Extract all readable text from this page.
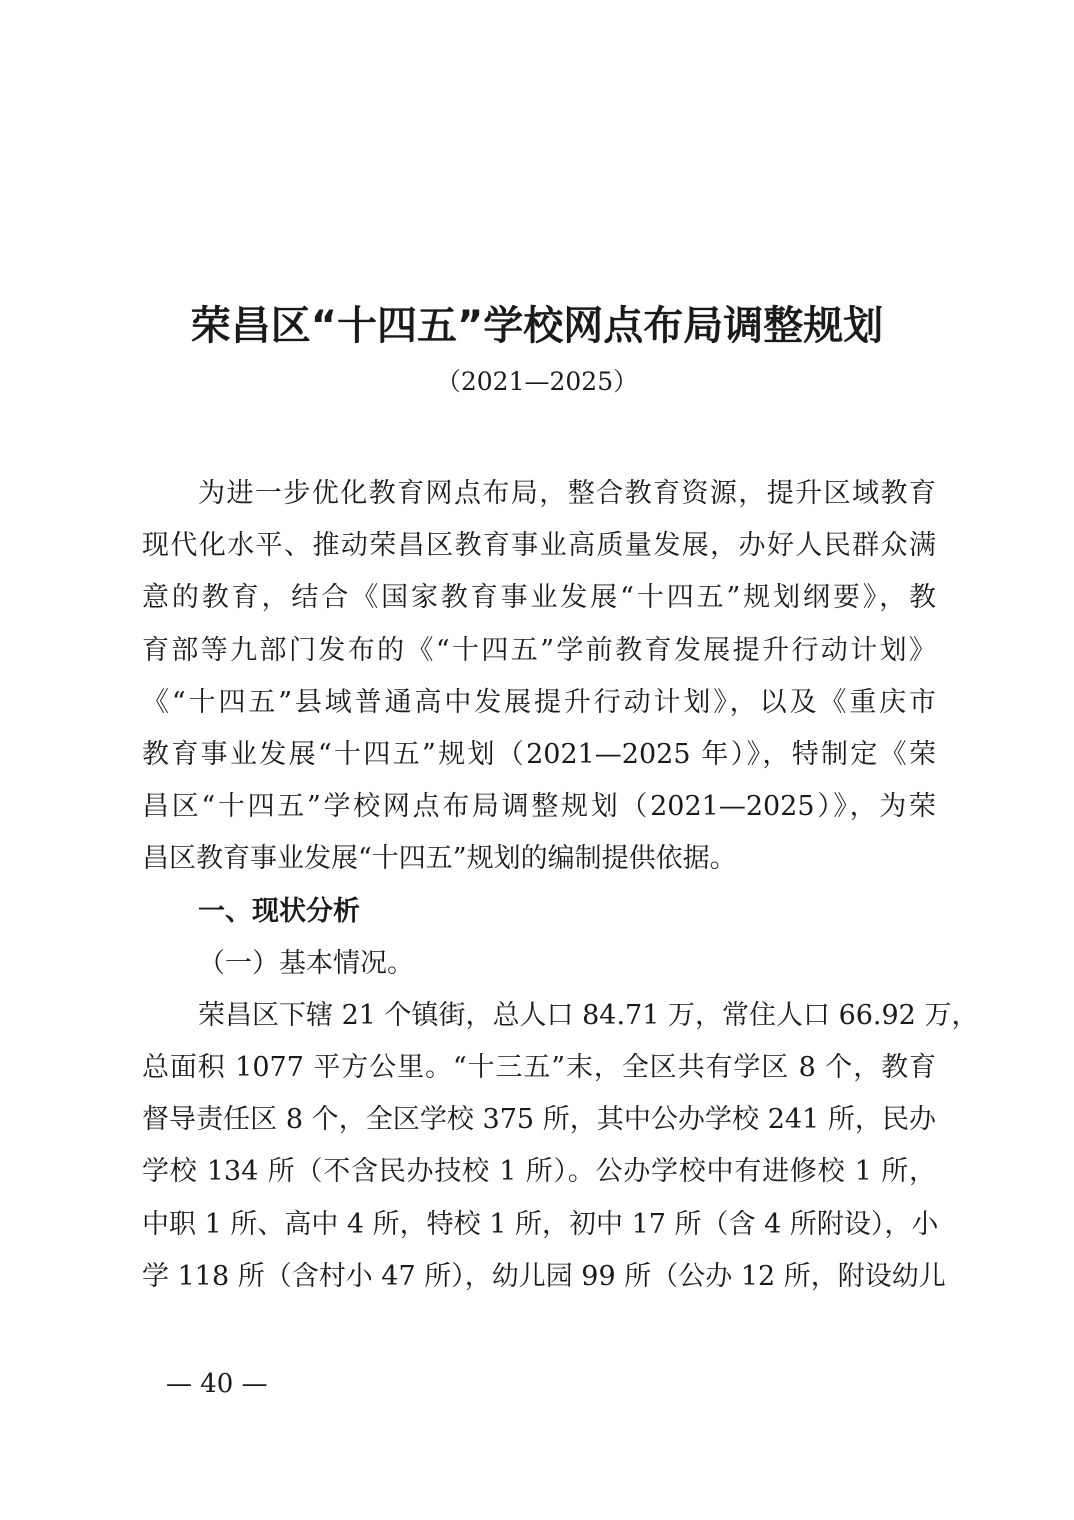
荣昌区“十四五”学校网点布局调整规划

（2021—2025）

为进一步优化教育网点布局，整合教育资源，提升区域教育
现代化水平、推动荣昌区教育事业高质量发展，办好人民群众满
意的教育，结合《国家教育事业发展“十四五”规划纲要》，教
育部等九部门发布的《“十四五”学前教育发展提升行动计划》
《“十四五”县域普通高中发展提升行动计划》，以及《重庆市
教育事业发展“十四五”规划（2021—2025 年）》，特制定《荣
昌区“十四五”学校网点布局调整规划（2021—2025）》，为荣
昌区教育事业发展“十四五”规划的编制提供依据。
一、现状分析
（一）基本情况。
荣昌区下辖 21 个镇街，总人口 84.71 万，常住人口 66.92 万，
总面积 1077 平方公里。“十三五”末，全区共有学区 8 个，教育
督导责任区 8 个，全区学校 375 所，其中公办学校 241 所，民办
学校 134 所（不含民办技校 1 所）。公办学校中有进修校 1 所，
中职 1 所、高中 4 所，特校 1 所，初中 17 所（含 4 所附设），小
学 118 所（含村小 47 所），幼儿园 99 所（公办 12 所，附设幼儿

— 40 —
